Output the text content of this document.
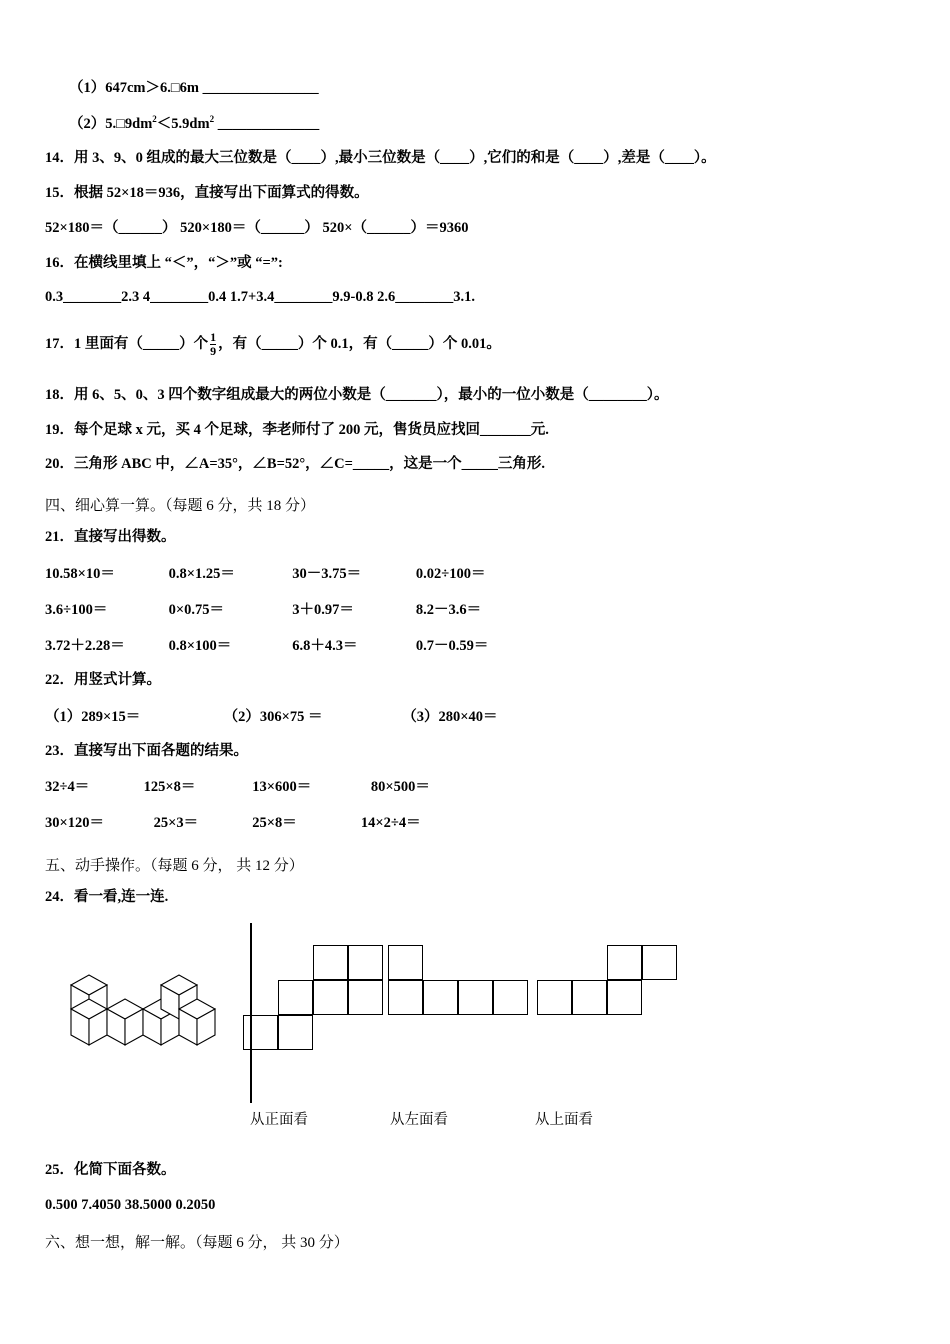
（1）647cm＞6.□6m ________________
$(2)5.□9dm^2<5.9dm^2$ ______________
14．用 3、9、0 组成的最大三位数是（____）,最小三位数是（____）,它们的和是（____）,差是（____）。
15．根据 52×18＝936，直接写出下面算式的得数。
52×180＝（______） 520×180＝（______） 520×（______）＝9360
16．在横线里填上 “＜”，“＞”或 “=”:
0.3________2.3 4________0.4 1.7+3.4________9.9‑0.8 2.6________3.1.
17．1 里面有（_____）个 $\frac{1}{9}$ ，有（_____）个 0.1，有（_____）个 0.01。
18．用 6、5、0、3 四个数字组成最大的两位小数是（_______），最小的一位小数是（________）。
19．每个足球 x 元，买 4 个足球，李老师付了 200 元，售货员应找回_______元.
20．三角形 ABC 中，∠A=35°，∠B=52°，∠C=_____，这是一个_____三角形.
四、细心算一算。（每题 6 分，共 18 分）
21．直接写出得数。
10.58×10＝	0.8×1.25＝	30－3.75＝	0.02÷100＝
3.6÷100＝	0×0.75＝	3＋0.97＝	8.2－3.6＝
3.72＋2.28＝	0.8×100＝	6.8＋4.3＝	0.7－0.59＝
22．用竖式计算。
（1）289×15＝	（2）306×75 ＝	（3）280×40＝
23．直接写出下面各题的结果。
32÷4＝	125×8＝	13×600＝	80×500＝
30×120＝	25×3＝	25×8＝	14×2÷4＝
五、动手操作。（每题 6 分， 共 12 分）
24．看一看,连一连.
从正面看	从左面看	从上面看
25．化简下面各数。
0.500 7.4050 38.5000 0.2050
六、想一想，解一解。（每题 6 分， 共 30 分）
